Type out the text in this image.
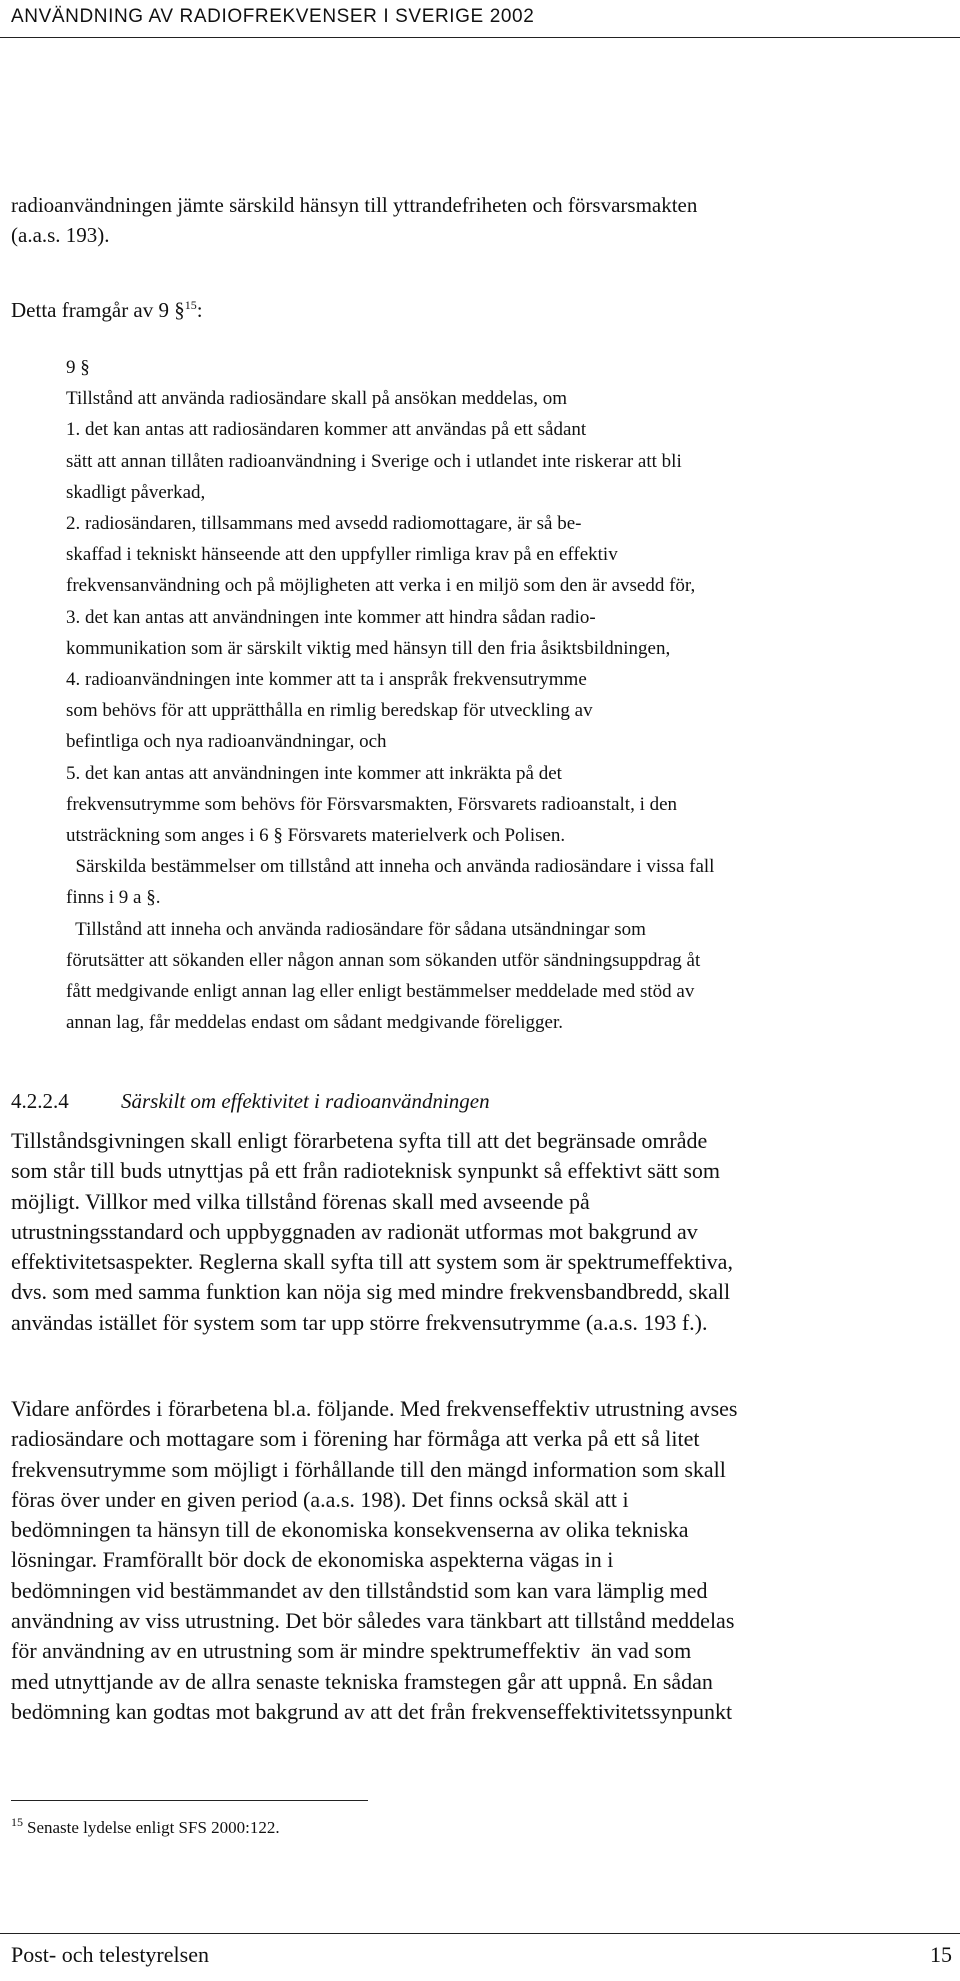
ANVÄNDNING AV RADIOFREKVENSER I SVERIGE 2002

radioanvändningen jämte särskild hänsyn till yttrandefriheten och försvarsmakten

(a.a.s. 193).

Detta framgår av 9 §$^{15}$:

9 §
Tillstånd att använda radiosändare skall på ansökan meddelas, om
1. det kan antas att radiosändaren kommer att användas på ett sådant
sätt att annan tillåten radioanvändning i Sverige och i utlandet inte riskerar att bli
skadligt påverkad,
2. radiosändaren, tillsammans med avsedd radiomottagare, är så be-
skaffad i tekniskt hänseende att den uppfyller rimliga krav på en effektiv
frekvensanvändning och på möjligheten att verka i en miljö som den är avsedd för,
3. det kan antas att användningen inte kommer att hindra sådan radio-
kommunikation som är särskilt viktig med hänsyn till den fria åsiktsbildningen,
4. radioanvändningen inte kommer att ta i anspråk frekvensutrymme
som behövs för att upprätthålla en rimlig beredskap för utveckling av
befintliga och nya radioanvändningar, och
5. det kan antas att användningen inte kommer att inkräkta på det
frekvensutrymme som behövs för Försvarsmakten, Försvarets radioanstalt, i den
utsträckning som anges i 6 § Försvarets materielverk och Polisen.
Särskilda bestämmelser om tillstånd att inneha och använda radiosändare i vissa fall
finns i 9 a §.
Tillstånd att inneha och använda radiosändare för sådana utsändningar som
förutsätter att sökanden eller någon annan som sökanden utför sändningsuppdrag åt
fått medgivande enligt annan lag eller enligt bestämmelser meddelade med stöd av
annan lag, får meddelas endast om sådant medgivande föreligger.
4.2.2.4 Särskilt om effektivitet i radioanvändningen
Tillståndsgivningen skall enligt förarbetena syfta till att det begränsade område
som står till buds utnyttjas på ett från radioteknisk synpunkt så effektivt sätt som
möjligt. Villkor med vilka tillstånd förenas skall med avseende på
utrustningsstandard och uppbyggnaden av radionät utformas mot bakgrund av
effektivitetsaspekter. Reglerna skall syfta till att system som är spektrumeffektiva,
dvs. som med samma funktion kan nöja sig med mindre frekvensbandbredd, skall
användas istället för system som tar upp större frekvensutrymme (a.a.s. 193 f.).
Vidare anfördes i förarbetena bl.a. följande. Med frekvenseffektiv utrustning avses
radiosändare och mottagare som i förening har förmåga att verka på ett så litet
frekvensutrymme som möjligt i förhållande till den mängd information som skall
föras över under en given period (a.a.s. 198). Det finns också skäl att i
bedömningen ta hänsyn till de ekonomiska konsekvenserna av olika tekniska
lösningar. Framförallt bör dock de ekonomiska aspekterna vägas in i
bedömningen vid bestämmandet av den tillståndstid som kan vara lämplig med
användning av viss utrustning. Det bör således vara tänkbart att tillstånd meddelas
för användning av en utrustning som är mindre spektrumeffektiv  än vad som
med utnyttjande av de allra senaste tekniska framstegen går att uppnå. En sådan
bedömning kan godtas mot bakgrund av att det från frekvenseffektivitetssynpunkt
$^{15}$ Senaste lydelse enligt SFS 2000:122.
Post- och telestyrelsen	15
